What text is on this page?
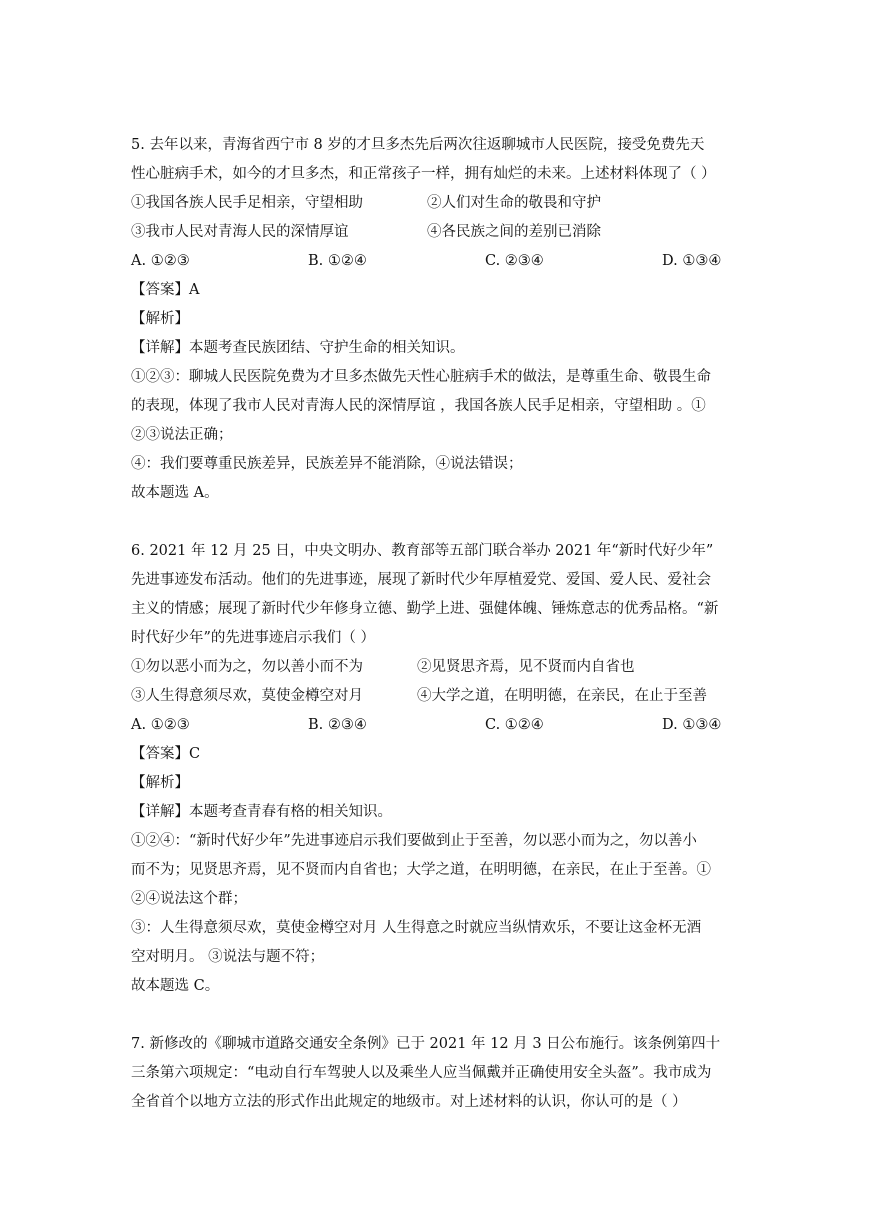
5. 去年以来，青海省西宁市 8 岁的才旦多杰先后两次往返聊城市人民医院，接受免费先天
性心脏病手术，如今的才旦多杰，和正常孩子一样，拥有灿烂的未来。上述材料体现了（ ）
①我国各族人民手足相亲，守望相助	②人们对生命的敬畏和守护
③我市人民对青海人民的深情厚谊	④各民族之间的差别已消除
A. ①②③	B. ①②④	C. ②③④	D. ①③④
【答案】A
【解析】
【详解】本题考查民族团结、守护生命的相关知识。
①②③：聊城人民医院免费为才旦多杰做先天性心脏病手术的做法，是尊重生命、敬畏生命
的表现，体现了我市人民对青海人民的深情厚谊 ，我国各族人民手足相亲，守望相助 。①
②③说法正确；
④：我们要尊重民族差异，民族差异不能消除，④说法错误；
故本题选 A。
6. 2021 年 12 月 25 日，中央文明办、教育部等五部门联合举办 2021 年“新时代好少年”
先进事迹发布活动。他们的先进事迹，展现了新时代少年厚植爱党、爱国、爱人民、爱社会
主义的情感；展现了新时代少年修身立德、勤学上进、强健体魄、锤炼意志的优秀品格。“新
时代好少年”的先进事迹启示我们（ ）
①勿以恶小而为之，勿以善小而不为	②见贤思齐焉，见不贤而内自省也
③人生得意须尽欢，莫使金樽空对月	④大学之道，在明明德，在亲民，在止于至善
A. ①②③	B. ②③④	C. ①②④	D. ①③④
【答案】C
【解析】
【详解】本题考查青春有格的相关知识。
①②④：“新时代好少年”先进事迹启示我们要做到止于至善，勿以恶小而为之，勿以善小
而不为；见贤思齐焉，见不贤而内自省也；大学之道，在明明德，在亲民，在止于至善。①
②④说法这个群；
③：人生得意须尽欢，莫使金樽空对月 人生得意之时就应当纵情欢乐，不要让这金杯无酒
空对明月。 ③说法与题不符；
故本题选 C。
7. 新修改的《聊城市道路交通安全条例》已于 2021 年 12 月 3 日公布施行。该条例第四十
三条第六项规定：“电动自行车驾驶人以及乘坐人应当佩戴并正确使用安全头盔”。我市成为
全省首个以地方立法的形式作出此规定的地级市。对上述材料的认识，你认可的是（ ）
